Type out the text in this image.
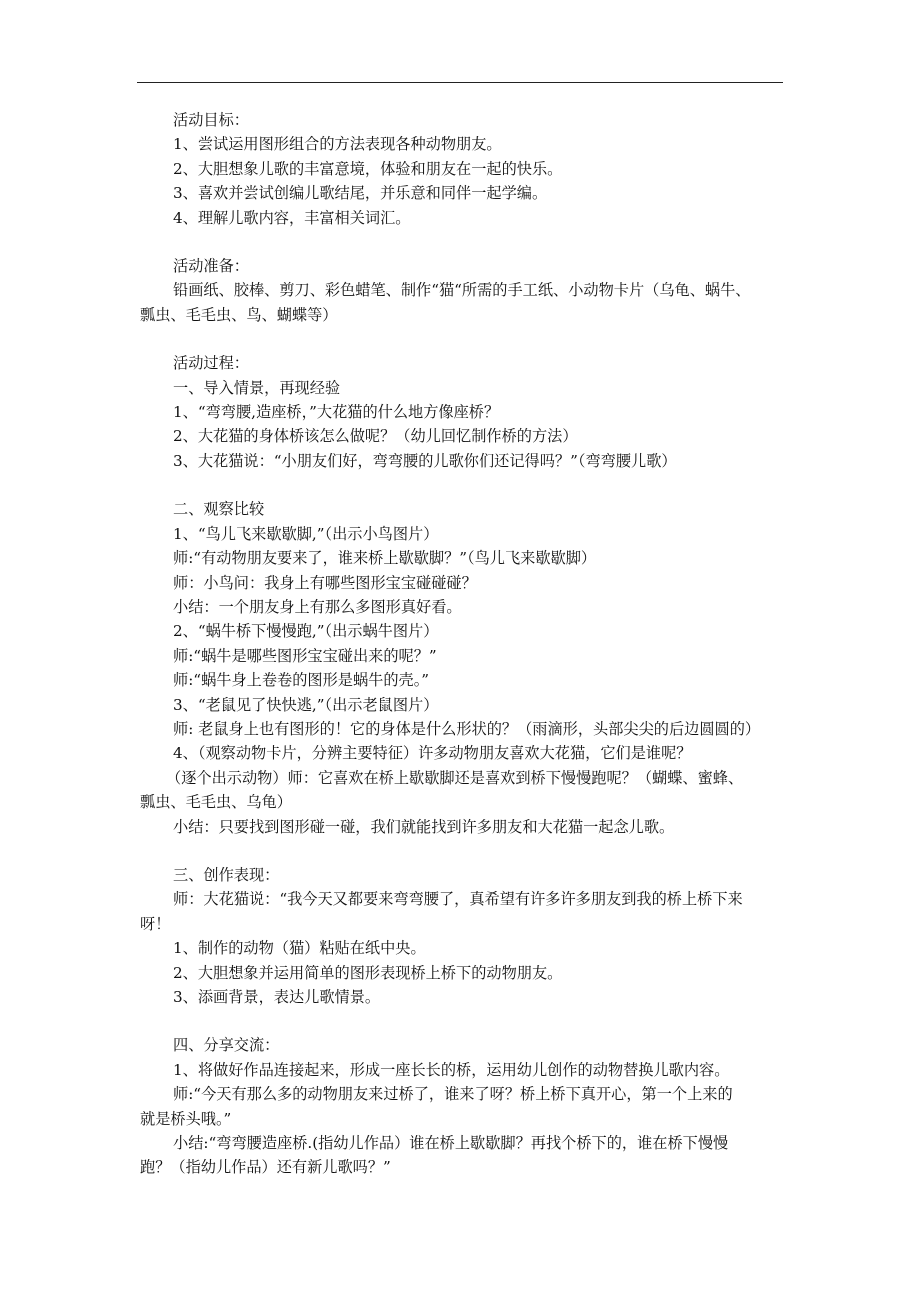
活动目标：
1、尝试运用图形组合的方法表现各种动物朋友。
2、大胆想象儿歌的丰富意境，体验和朋友在一起的快乐。
3、喜欢并尝试创编儿歌结尾，并乐意和同伴一起学编。
4、理解儿歌内容，丰富相关词汇。
活动准备：
铅画纸、胶棒、剪刀、彩色蜡笔、制作“猫“所需的手工纸、小动物卡片（乌龟、蜗牛、
瓢虫、毛毛虫、鸟、蝴蝶等）
活动过程：
一、导入情景，再现经验
1、“弯弯腰,造座桥，”大花猫的什么地方像座桥？
2、大花猫的身体桥该怎么做呢？（幼儿回忆制作桥的方法）
3、大花猫说：“小朋友们好，弯弯腰的儿歌你们还记得吗？”（弯弯腰儿歌）
二、观察比较
1、“鸟儿飞来歇歇脚,”（出示小鸟图片）
师:“有动物朋友要来了，谁来桥上歇歇脚？”（鸟儿飞来歇歇脚）
师：小鸟问：我身上有哪些图形宝宝碰碰碰？
小结：一个朋友身上有那么多图形真好看。
2、“蜗牛桥下慢慢跑,”（出示蜗牛图片）
师:“蜗牛是哪些图形宝宝碰出来的呢？”
师:“蜗牛身上卷卷的图形是蜗牛的壳。”
3、“老鼠见了快快逃,”（出示老鼠图片）
师: 老鼠身上也有图形的！它的身体是什么形状的？（雨滴形，头部尖尖的后边圆圆的）
4、（观察动物卡片，分辨主要特征）许多动物朋友喜欢大花猫，它们是谁呢？
（逐个出示动物）师：它喜欢在桥上歇歇脚还是喜欢到桥下慢慢跑呢？（蝴蝶、蜜蜂、
瓢虫、毛毛虫、乌龟）
小结：只要找到图形碰一碰，我们就能找到许多朋友和大花猫一起念儿歌。
三、创作表现：
师：大花猫说：“我今天又都要来弯弯腰了，真希望有许多许多朋友到我的桥上桥下来
呀！
1、制作的动物（猫）粘贴在纸中央。
2、大胆想象并运用简单的图形表现桥上桥下的动物朋友。
3、添画背景，表达儿歌情景。
四、分享交流：
1、将做好作品连接起来，形成一座长长的桥，运用幼儿创作的动物替换儿歌内容。
师:“今天有那么多的动物朋友来过桥了，谁来了呀？桥上桥下真开心，第一个上来的
就是桥头哦。”
小结:“弯弯腰造座桥.(指幼儿作品）谁在桥上歇歇脚？再找个桥下的，谁在桥下慢慢
跑？（指幼儿作品）还有新儿歌吗？”
